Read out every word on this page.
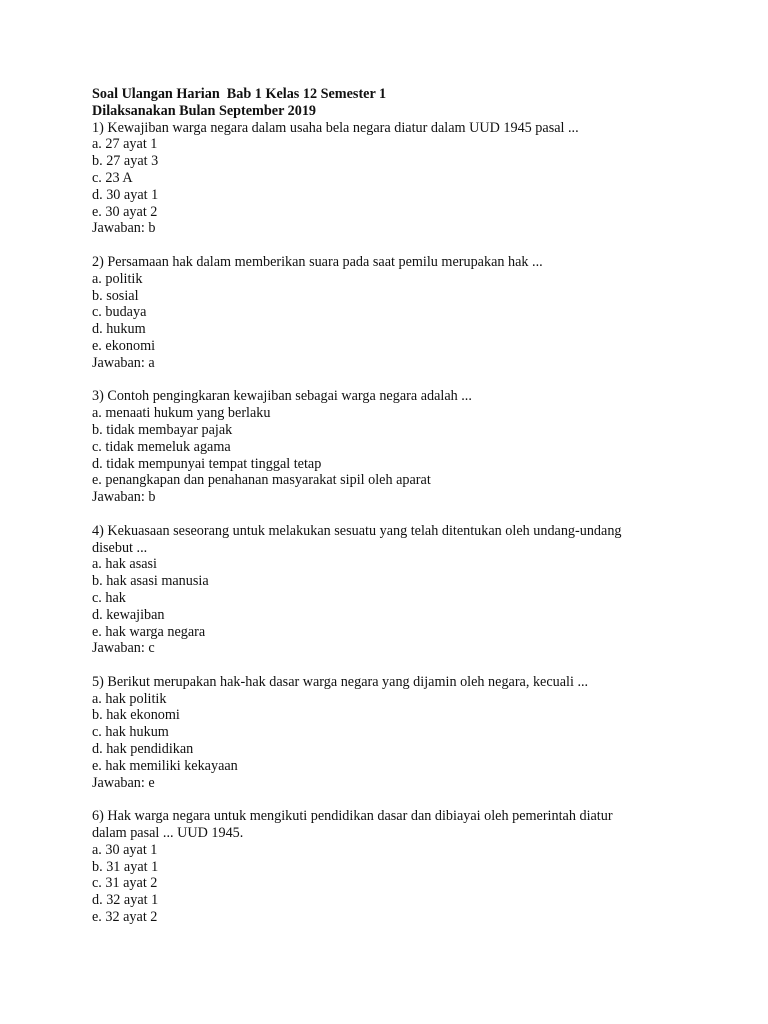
Soal Ulangan Harian  Bab 1 Kelas 12 Semester 1
Dilaksanakan Bulan September 2019
1) Kewajiban warga negara dalam usaha bela negara diatur dalam UUD 1945 pasal ...
a. 27 ayat 1
b. 27 ayat 3
c. 23 A
d. 30 ayat 1
e. 30 ayat 2
Jawaban: b
2) Persamaan hak dalam memberikan suara pada saat pemilu merupakan hak ...
a. politik
b. sosial
c. budaya
d. hukum
e. ekonomi
Jawaban: a
3) Contoh pengingkaran kewajiban sebagai warga negara adalah ...
a. menaati hukum yang berlaku
b. tidak membayar pajak
c. tidak memeluk agama
d. tidak mempunyai tempat tinggal tetap
e. penangkapan dan penahanan masyarakat sipil oleh aparat
Jawaban: b
4) Kekuasaan seseorang untuk melakukan sesuatu yang telah ditentukan oleh undang-undang
disebut ...
a. hak asasi
b. hak asasi manusia
c. hak
d. kewajiban
e. hak warga negara
Jawaban: c
5) Berikut merupakan hak-hak dasar warga negara yang dijamin oleh negara, kecuali ...
a. hak politik
b. hak ekonomi
c. hak hukum
d. hak pendidikan
e. hak memiliki kekayaan
Jawaban: e
6) Hak warga negara untuk mengikuti pendidikan dasar dan dibiayai oleh pemerintah diatur
dalam pasal ... UUD 1945.
a. 30 ayat 1
b. 31 ayat 1
c. 31 ayat 2
d. 32 ayat 1
e. 32 ayat 2
